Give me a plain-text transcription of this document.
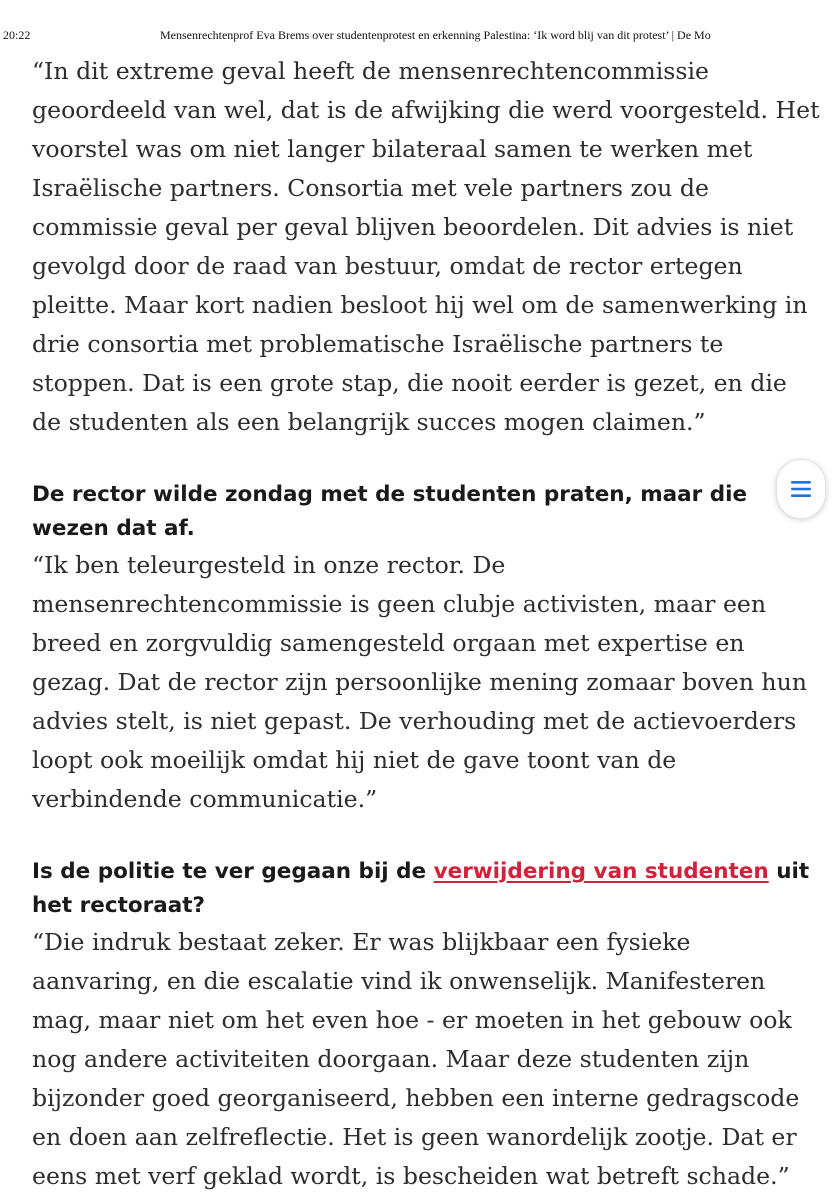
20:22	Mensenrechtenprof Eva Brems over studentenprotest en erkenning Palestina: ‘Ik word blij van dit protest’ | De Mo

“In dit extreme geval heeft de mensenrechtencommissie geoordeeld van wel, dat is de afwijking die werd voorgesteld. Het voorstel was om niet langer bilateraal samen te werken met Israëlische partners. Consortia met vele partners zou de commissie geval per geval blijven beoordelen. Dit advies is niet gevolgd door de raad van bestuur, omdat de rector ertegen pleitte. Maar kort nadien besloot hij wel om de samenwerking in drie consortia met problematische Israëlische partners te stoppen. Dat is een grote stap, die nooit eerder is gezet, en die de studenten als een belangrijk succes mogen claimen.”

De rector wilde zondag met de studenten praten, maar die wezen dat af.

“Ik ben teleurgesteld in onze rector. De mensenrechtencommissie is geen clubje activisten, maar een breed en zorgvuldig samengesteld orgaan met expertise en gezag. Dat de rector zijn persoonlijke mening zomaar boven hun advies stelt, is niet gepast. De verhouding met de actievoerders loopt ook moeilijk omdat hij niet de gave toont van de verbindende communicatie.”

Is de politie te ver gegaan bij de verwijdering van studenten uit het rectoraat?

“Die indruk bestaat zeker. Er was blijkbaar een fysieke aanvaring, en die escalatie vind ik onwenselijk. Manifesteren mag, maar niet om het even hoe - er moeten in het gebouw ook nog andere activiteiten doorgaan. Maar deze studenten zijn bijzonder goed georganiseerd, hebben een interne gedragscode en doen aan zelfreflectie. Het is geen wanordelijk zootje. Dat er eens met verf geklad wordt, is bescheiden wat betreft schade.”
